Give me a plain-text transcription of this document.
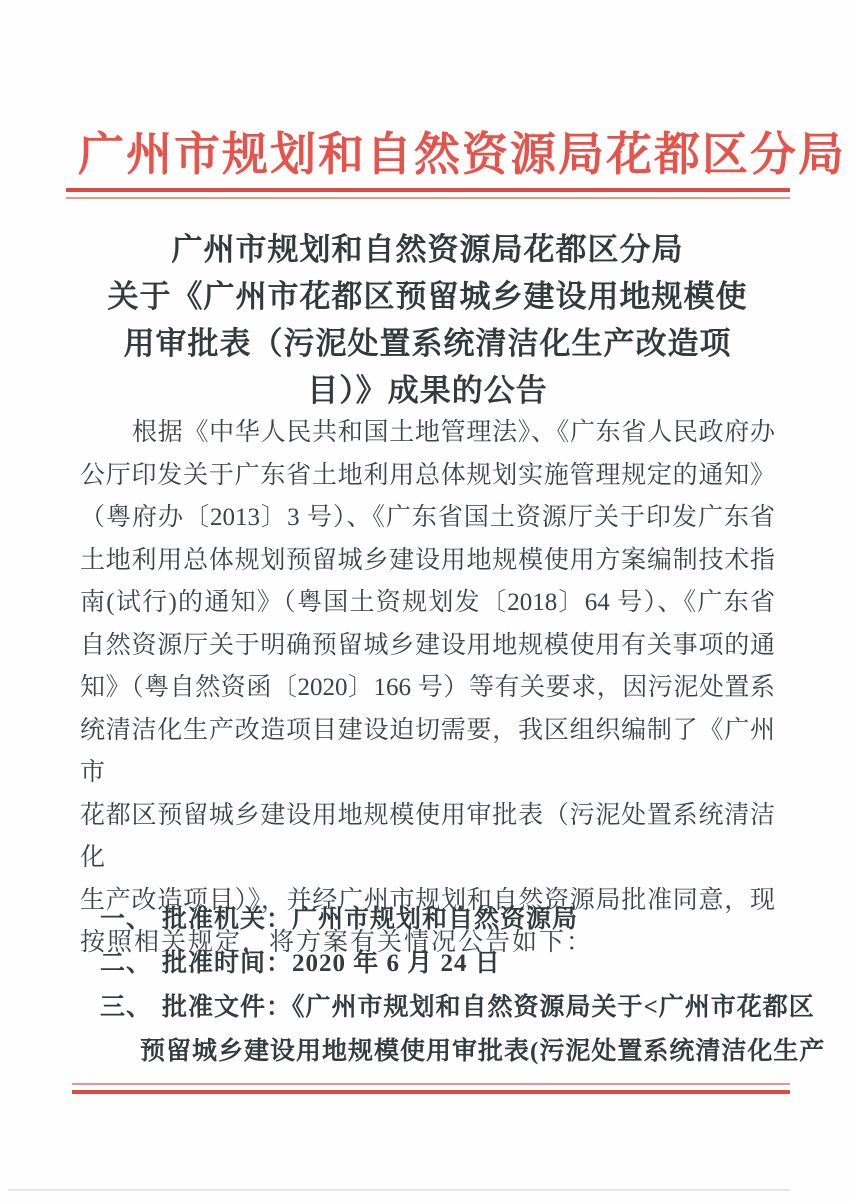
广州市规划和自然资源局花都区分局
广州市规划和自然资源局花都区分局
关于《广州市花都区预留城乡建设用地规模使
用审批表（污泥处置系统清洁化生产改造项
目）》成果的公告

根据《中华人民共和国土地管理法》、《广东省人民政府办

公厅印发关于广东省土地利用总体规划实施管理规定的通知》

（粤府办〔2013〕3 号）、《广东省国土资源厅关于印发广东省

土地利用总体规划预留城乡建设用地规模使用方案编制技术指

南(试行)的通知》（粤国土资规划发〔2018〕64 号）、《广东省

自然资源厅关于明确预留城乡建设用地规模使用有关事项的通

知》（粤自然资函〔2020〕166 号）等有关要求，因污泥处置系

统清洁化生产改造项目建设迫切需要，我区组织编制了《广州市

花都区预留城乡建设用地规模使用审批表（污泥处置系统清洁化

生产改造项目）》，并经广州市规划和自然资源局批准同意，现

按照相关规定，将方案有关情况公告如下：

一、 批准机关：广州市规划和自然资源局
二、 批准时间：2020 年 6 月 24 日
三、 批准文件：《广州市规划和自然资源局关于<广州市花都区
预留城乡建设用地规模使用审批表(污泥处置系统清洁化生产
